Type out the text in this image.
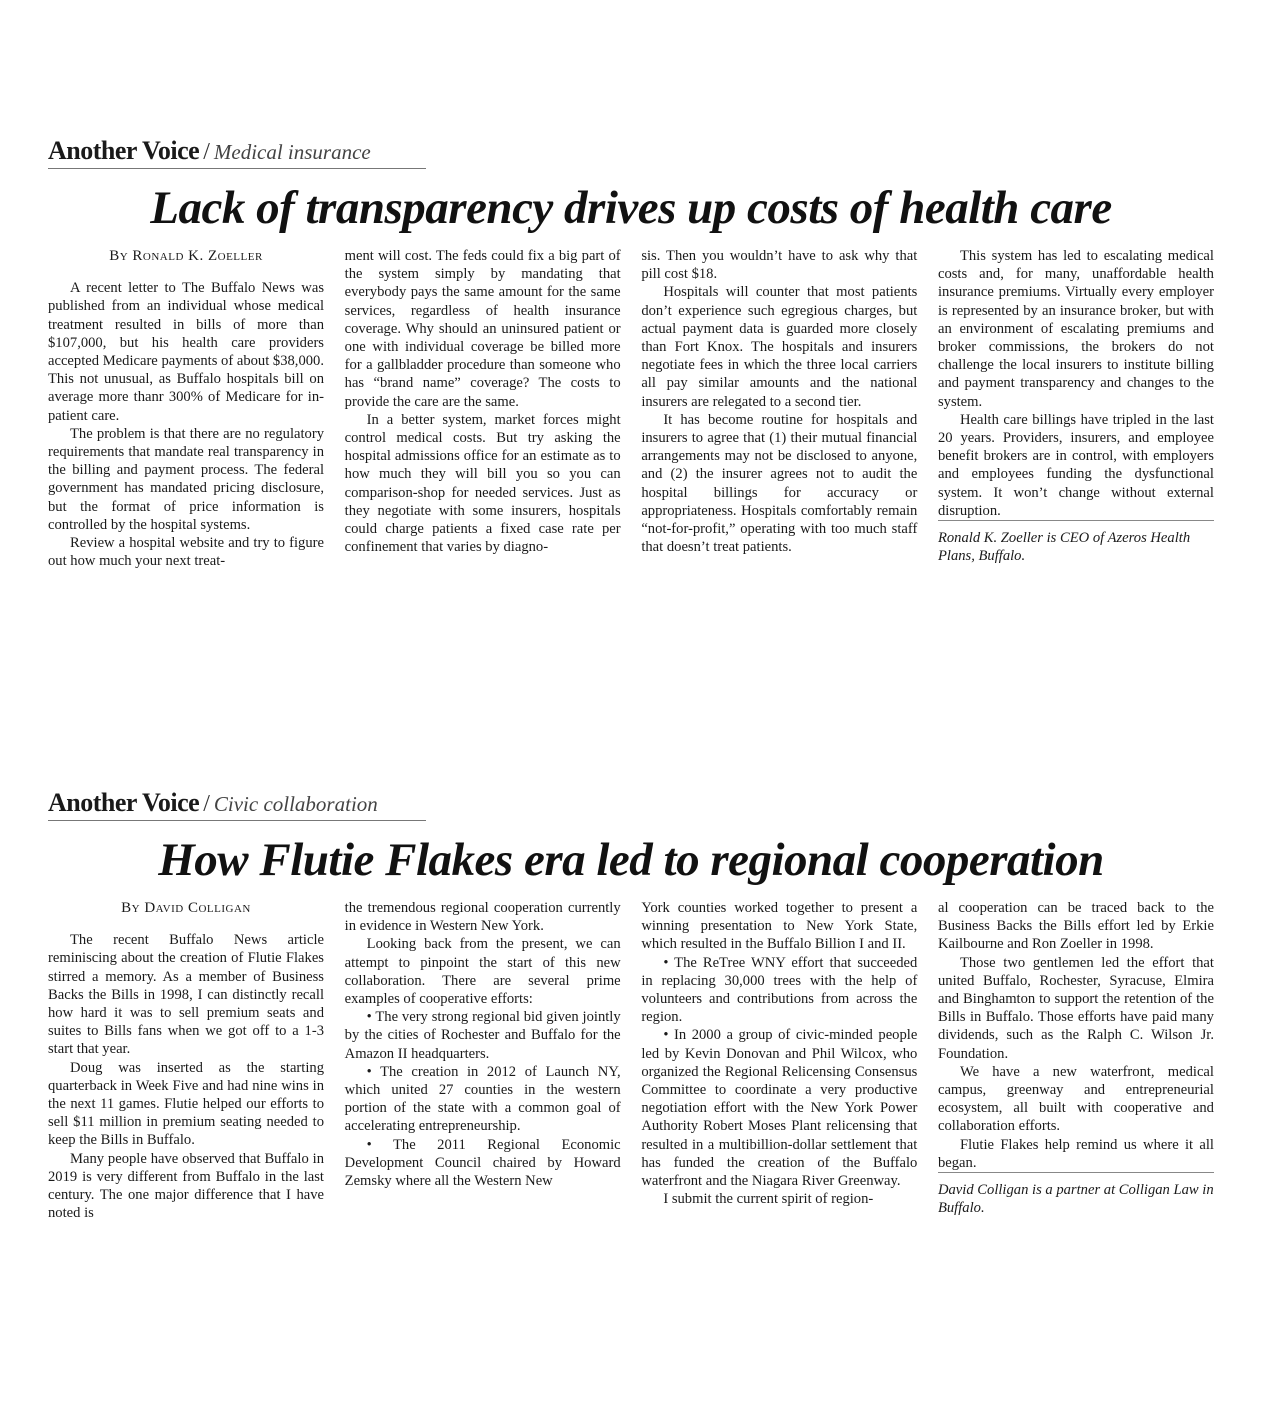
Another Voice / Medical insurance
Lack of transparency drives up costs of health care
By Ronald K. Zoeller

A recent letter to The Buffalo News was published from an individual whose medical treatment resulted in bills of more than $107,000, but his health care providers accepted Medicare payments of about $38,000. This not unusual, as Buffalo hospitals bill on average more thanr 300% of Medicare for in-patient care.

The problem is that there are no regulatory requirements that mandate real transparency in the billing and payment process. The federal government has mandated pricing disclosure, but the format of price information is controlled by the hospital systems.

Review a hospital website and try to figure out how much your next treat-

ment will cost. The feds could fix a big part of the system simply by mandating that everybody pays the same amount for the same services, regardless of health insurance coverage. Why should an uninsured patient or one with individual coverage be billed more for a gallbladder procedure than someone who has “brand name” coverage? The costs to provide the care are the same.

In a better system, market forces might control medical costs. But try asking the hospital admissions office for an estimate as to how much they will bill you so you can comparison-shop for needed services. Just as they negotiate with some insurers, hospitals could charge patients a fixed case rate per confinement that varies by diagno-

sis. Then you wouldn’t have to ask why that pill cost $18.

Hospitals will counter that most patients don’t experience such egregious charges, but actual payment data is guarded more closely than Fort Knox. The hospitals and insurers negotiate fees in which the three local carriers all pay similar amounts and the national insurers are relegated to a second tier.

It has become routine for hospitals and insurers to agree that (1) their mutual financial arrangements may not be disclosed to anyone, and (2) the insurer agrees not to audit the hospital billings for accuracy or appropriateness. Hospitals comfortably remain “not-for-profit,” operating with too much staff that doesn’t treat patients.

This system has led to escalating medical costs and, for many, unaffordable health insurance premiums. Virtually every employer is represented by an insurance broker, but with an environment of escalating premiums and broker commissions, the brokers do not challenge the local insurers to institute billing and payment transparency and changes to the system.

Health care billings have tripled in the last 20 years. Providers, insurers, and employee benefit brokers are in control, with employers and employees funding the dysfunctional system. It won’t change without external disruption.

Ronald K. Zoeller is CEO of Azeros Health Plans, Buffalo.

Another Voice / Civic collaboration
How Flutie Flakes era led to regional cooperation
By David Colligan

The recent Buffalo News article reminiscing about the creation of Flutie Flakes stirred a memory. As a member of Business Backs the Bills in 1998, I can distinctly recall how hard it was to sell premium seats and suites to Bills fans when we got off to a 1-3 start that year.

Doug was inserted as the starting quarterback in Week Five and had nine wins in the next 11 games. Flutie helped our efforts to sell $11 million in premium seating needed to keep the Bills in Buffalo.

Many people have observed that Buffalo in 2019 is very different from Buffalo in the last century. The one major difference that I have noted is

the tremendous regional cooperation currently in evidence in Western New York.

Looking back from the present, we can attempt to pinpoint the start of this new collaboration. There are several prime examples of cooperative efforts:

• The very strong regional bid given jointly by the cities of Rochester and Buffalo for the Amazon II headquarters.

• The creation in 2012 of Launch NY, which united 27 counties in the western portion of the state with a common goal of accelerating entrepreneurship.

• The 2011 Regional Economic Development Council chaired by Howard Zemsky where all the Western New

York counties worked together to present a winning presentation to New York State, which resulted in the Buffalo Billion I and II.

• The ReTree WNY effort that succeeded in replacing 30,000 trees with the help of volunteers and contributions from across the region.

• In 2000 a group of civic-minded people led by Kevin Donovan and Phil Wilcox, who organized the Regional Relicensing Consensus Committee to coordinate a very productive negotiation effort with the New York Power Authority Robert Moses Plant relicensing that resulted in a multibillion-dollar settlement that has funded the creation of the Buffalo waterfront and the Niagara River Greenway.

I submit the current spirit of region-

al cooperation can be traced back to the Business Backs the Bills effort led by Erkie Kailbourne and Ron Zoeller in 1998.

Those two gentlemen led the effort that united Buffalo, Rochester, Syracuse, Elmira and Binghamton to support the retention of the Bills in Buffalo. Those efforts have paid many dividends, such as the Ralph C. Wilson Jr. Foundation.

We have a new waterfront, medical campus, greenway and entrepreneurial ecosystem, all built with cooperative and collaboration efforts.

Flutie Flakes help remind us where it all began.

David Colligan is a partner at Colligan Law in Buffalo.
